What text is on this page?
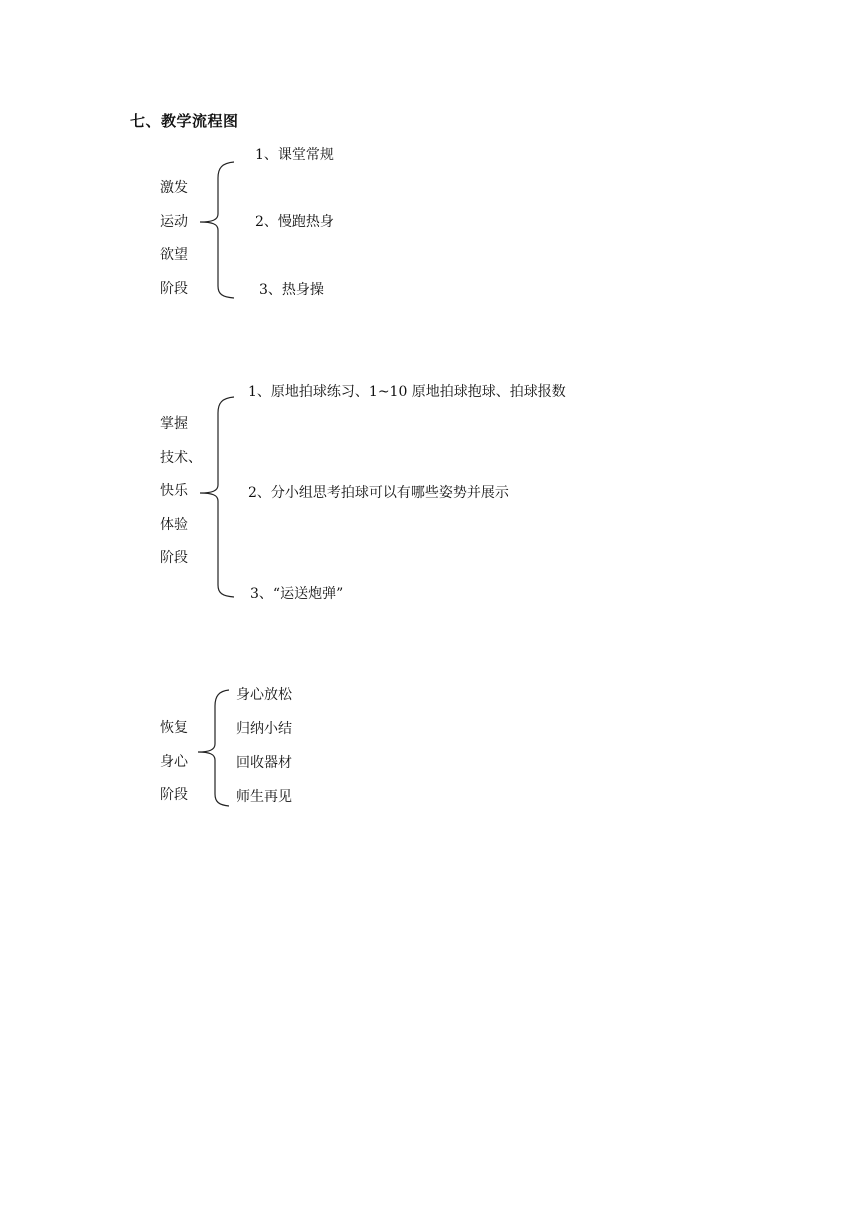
七、教学流程图
激发
运动
欲望
阶段
1、课堂常规
2、慢跑热身
3、热身操
掌握
技术、
快乐
体验
阶段
1、原地拍球练习、1~10 原地拍球抱球、拍球报数
2、分小组思考拍球可以有哪些姿势并展示
3、“运送炮弹”
恢复
身心
阶段
身心放松
归纳小结
回收器材
师生再见
